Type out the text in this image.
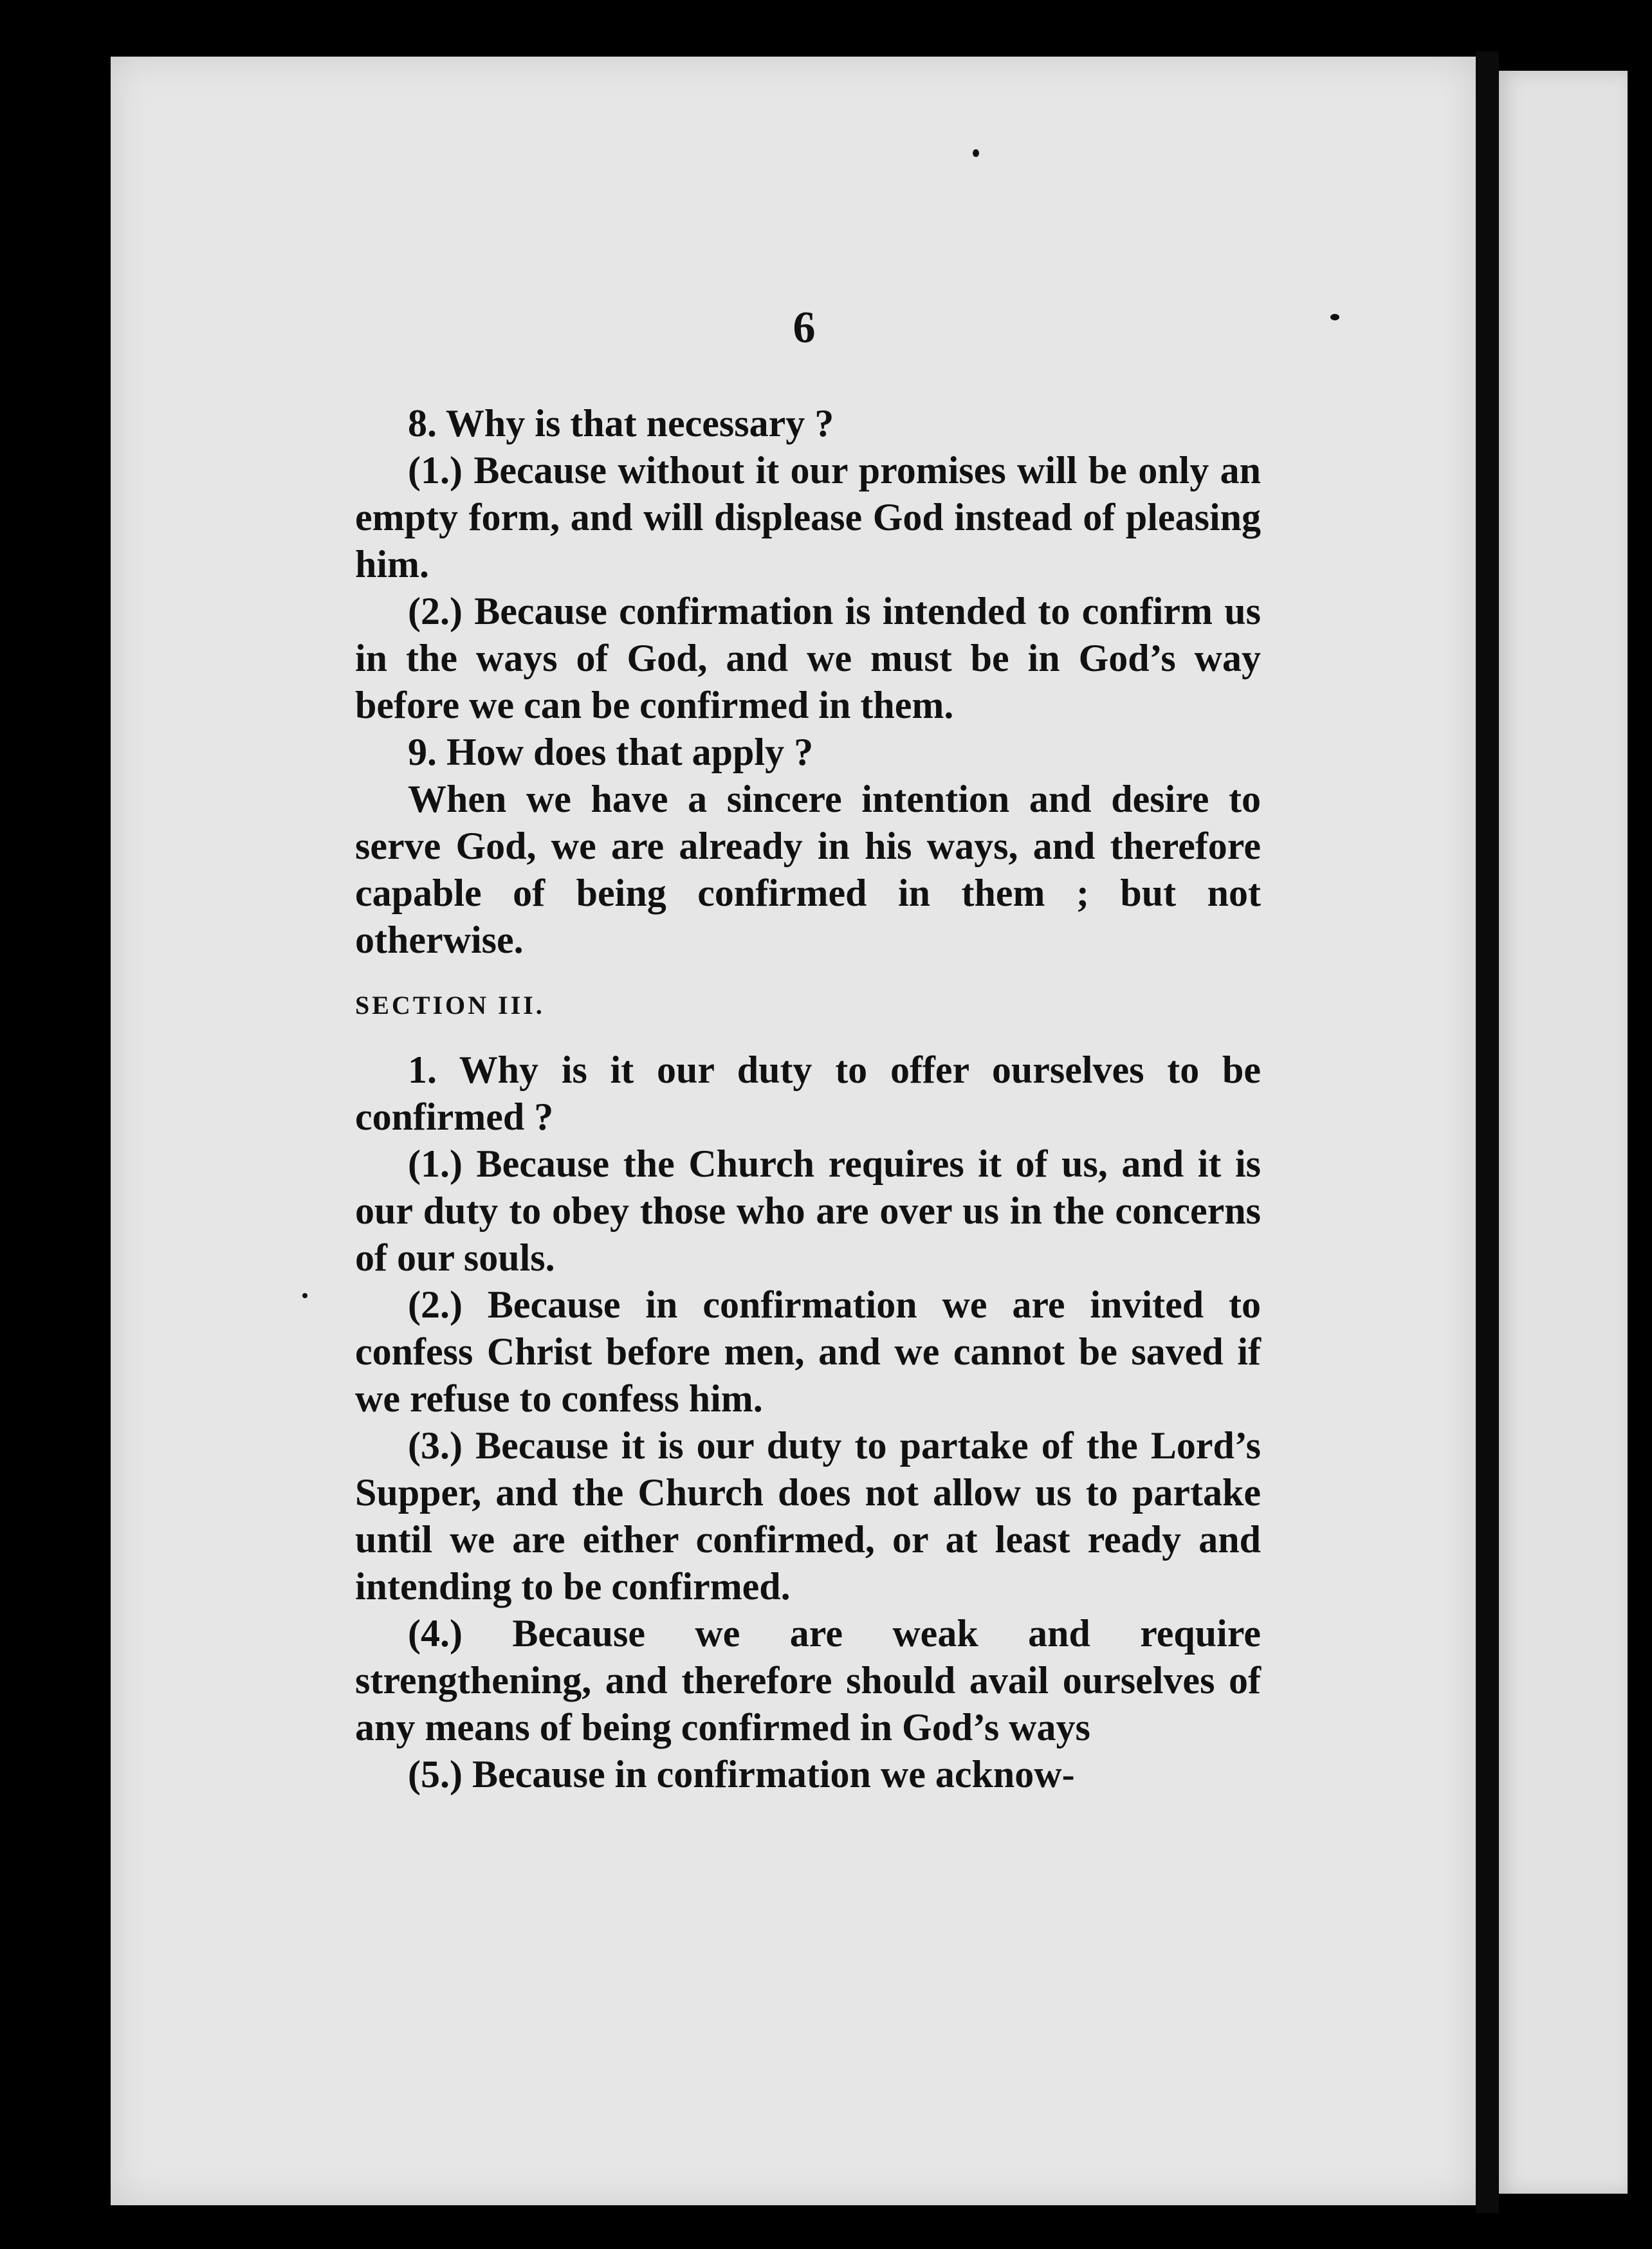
6

8. Why is that necessary ?

(1.) Because without it our promises will be only an empty form, and will displease God instead of pleasing him.

(2.) Because confirmation is intended to confirm us in the ways of God, and we must be in God’s way before we can be confirmed in them.

9. How does that apply ?

When we have a sincere intention and desire to serve God, we are already in his ways, and therefore capable of being confirmed in them ; but not otherwise.

SECTION III.

1. Why is it our duty to offer ourselves to be confirmed ?

(1.) Because the Church requires it of us, and it is our duty to obey those who are over us in the concerns of our souls.

(2.) Because in confirmation we are invited to confess Christ before men, and we cannot be saved if we refuse to confess him.

(3.) Because it is our duty to partake of the Lord’s Supper, and the Church does not allow us to partake until we are either confirmed, or at least ready and intending to be confirmed.

(4.) Because we are weak and require strengthening, and therefore should avail ourselves of any means of being confirmed in God’s ways

(5.) Because in confirmation we acknow-
